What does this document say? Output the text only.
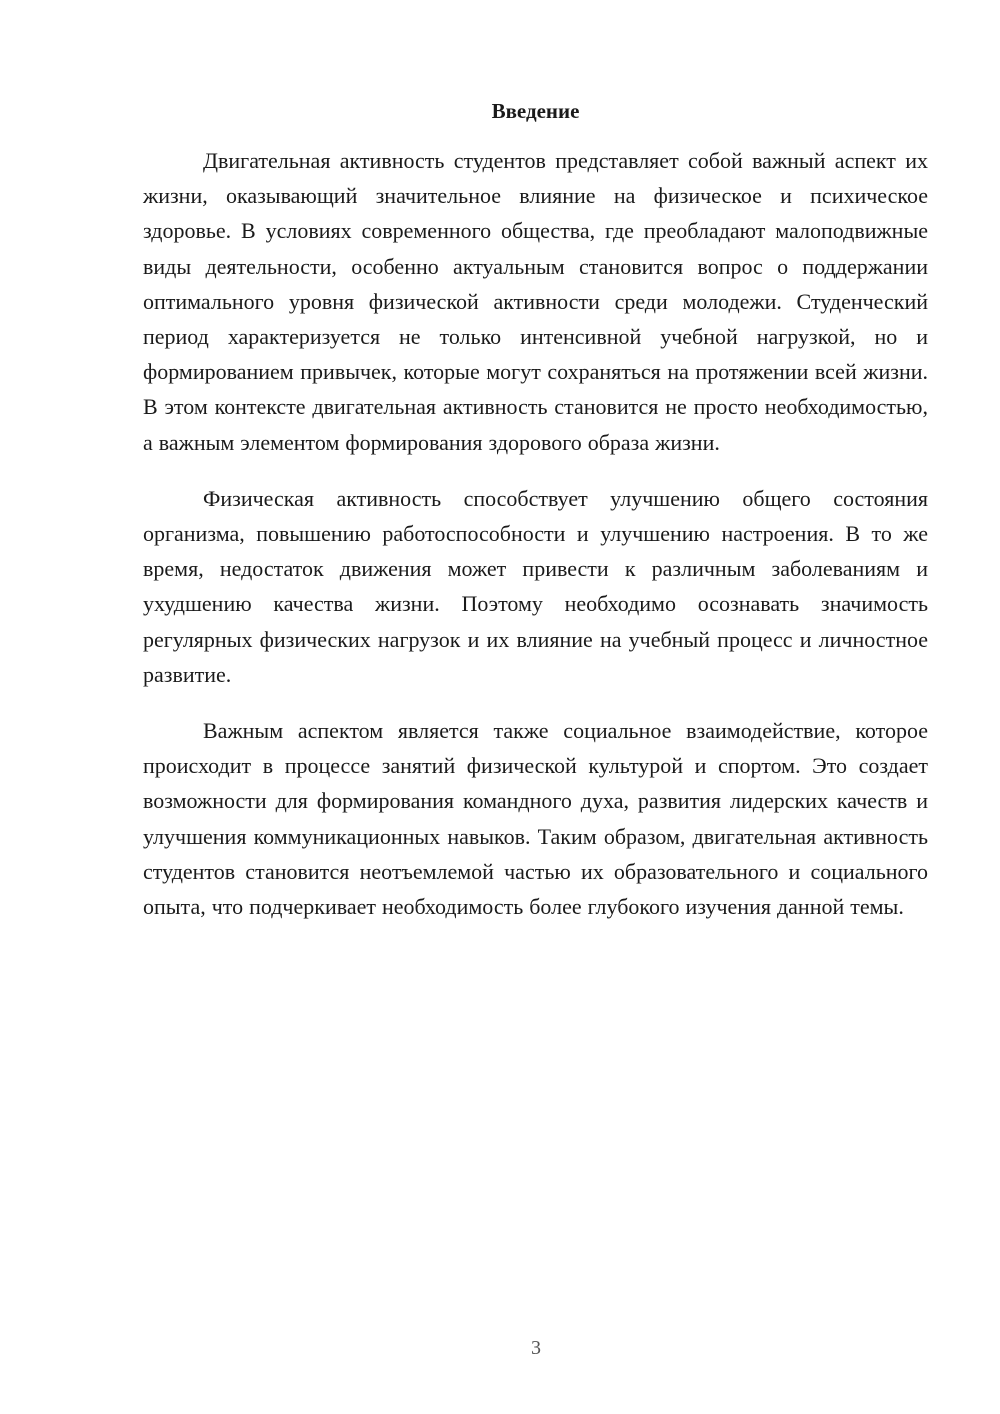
Введение

Двигательная активность студентов представляет собой важный аспект их жизни, оказывающий значительное влияние на физическое и психическое здоровье. В условиях современного общества, где преобладают малоподвижные виды деятельности, особенно актуальным становится вопрос о поддержании оптимального уровня физической активности среди молодежи. Студенческий период характеризуется не только интенсивной учебной нагрузкой, но и формированием привычек, которые могут сохраняться на протяжении всей жизни. В этом контексте двигательная активность становится не просто необходимостью, а важным элементом формирования здорового образа жизни.

Физическая активность способствует улучшению общего состояния организма, повышению работоспособности и улучшению настроения. В то же время, недостаток движения может привести к различным заболеваниям и ухудшению качества жизни. Поэтому необходимо осознавать значимость регулярных физических нагрузок и их влияние на учебный процесс и личностное развитие.

Важным аспектом является также социальное взаимодействие, которое происходит в процессе занятий физической культурой и спортом. Это создает возможности для формирования командного духа, развития лидерских качеств и улучшения коммуникационных навыков. Таким образом, двигательная активность студентов становится неотъемлемой частью их образовательного и социального опыта, что подчеркивает необходимость более глубокого изучения данной темы.

3
